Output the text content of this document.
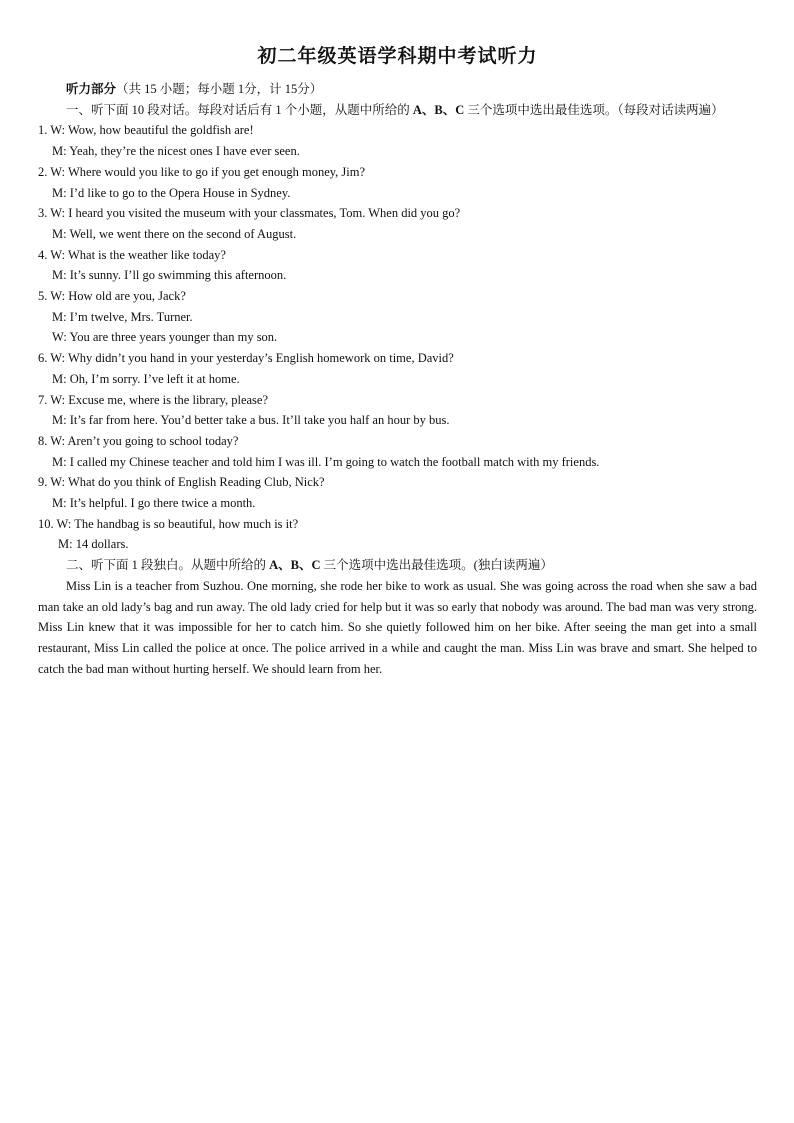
初二年级英语学科期中考试听力
听力部分（共 15 小题；每小题 1分，计 15分）
一、听下面 10 段对话。每段对话后有 1 个小题，从题中所给的 A、B、C 三个选项中选出最佳选项。（每段对话读两遍）
1. W: Wow, how beautiful the goldfish are!
M: Yeah, they’re the nicest ones I have ever seen.
2. W: Where would you like to go if you get enough money, Jim?
M: I’d like to go to the Opera House in Sydney.
3. W: I heard you visited the museum with your classmates, Tom. When did you go?
M: Well, we went there on the second of August.
4. W: What is the weather like today?
M: It’s sunny. I’ll go swimming this afternoon.
5. W: How old are you, Jack?
M: I’m twelve, Mrs. Turner.
W: You are three years younger than my son.
6. W: Why didn’t you hand in your yesterday’s English homework on time, David?
M: Oh, I’m sorry. I’ve left it at home.
7. W: Excuse me, where is the library, please?
M: It’s far from here. You’d better take a bus. It’ll take you half an hour by bus.
8. W: Aren’t you going to school today?
M: I called my Chinese teacher and told him I was ill. I’m going to watch the football match with my friends.
9. W: What do you think of English Reading Club, Nick?
M: It’s helpful. I go there twice a month.
10. W: The handbag is so beautiful, how much is it?
M: 14 dollars.
二、听下面 1 段独白。从题中所给的 A、B、C 三个选项中选出最佳选项。(独白读两遍）
Miss Lin is a teacher from Suzhou. One morning, she rode her bike to work as usual. She was going across the road when she saw a bad man take an old lady’s bag and run away. The old lady cried for help but it was so early that nobody was around. The bad man was very strong. Miss Lin knew that it was impossible for her to catch him. So she quietly followed him on her bike. After seeing the man get into a small restaurant, Miss Lin called the police at once. The police arrived in a while and caught the man. Miss Lin was brave and smart. She helped to catch the bad man without hurting herself. We should learn from her.
